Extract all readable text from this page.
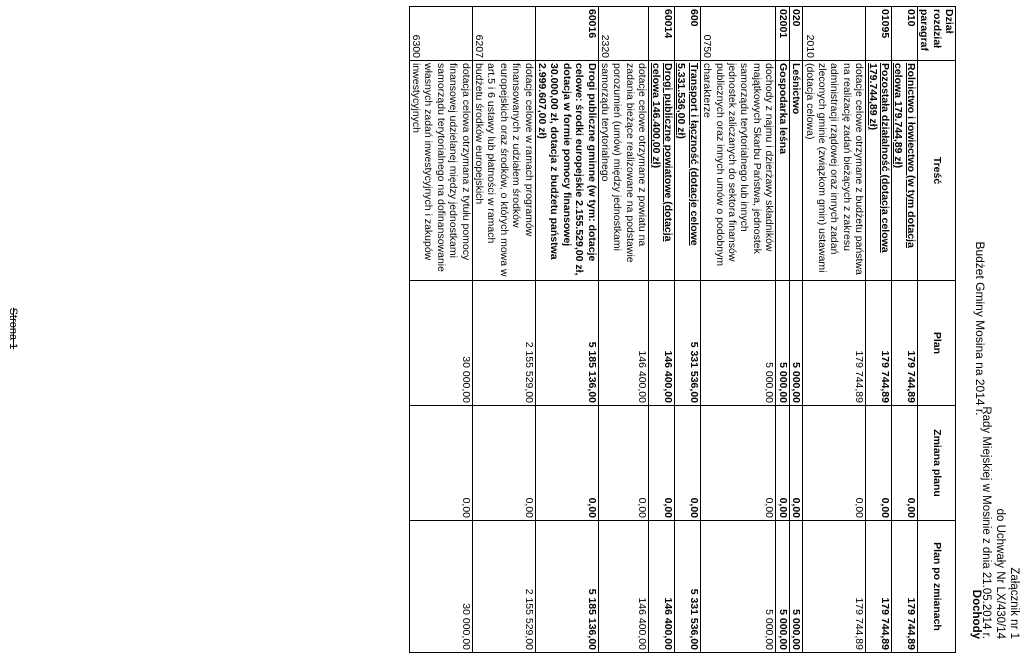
Załącznik nr 1
do Uchwały Nr LX/430/14
Rady Miejskiej w Mosinie z dnia 21.05.2014 r.
Budżet Gminy Mosina na 2014 r.
Dochody
Dział rozdział paragraf	Treść	Plan	Zmiana planu	Plan po zmianach
010	Rolnictwo i łowiectwo (w tym dotacja celowa 179.744,89 zł)	179 744,89	0,00	179 744,89
01095	Pozostała działalność (dotacja celowa 179.744,89 zł)	179 744,89	0,00	179 744,89
2010	dotacje celowe otrzymane z budżetu państwa na realizację zadań bieżących z zakresu administracji rządowej oraz innych zadań zleconych gminie (związkom gmin) ustawami (dotacja celowa)	179 744,89	0,00	179 744,89
020	Leśnictwo	5 000,00	0,00	5 000,00
02001	Gospodarka leśna	5 000,00	0,00	5 000,00
0750	dochody z najmu i dzierżawy składników majątkowych Skarbu Państwa, jednostek samorządu terytorialnego lub innych jednostek zaliczanych do sektora finansów publicznych oraz innych umów o podobnym charakterze	5 000,00	0,00	5 000,00
600	Transport i łączność (dotacje celowe 5.331.536,00 zł)	5 331 536,00	0,00	5 331 536,00
60014	Drogi publiczne powiatowe (dotacja celowa 146.400,00 zł)	146 400,00	0,00	146 400,00
2320	dotacje celowe otrzymane z powiatu na zadania bieżące realizowane na podstawie porozumień (umów) między jednostkami samorządu terytorialnego	146 400,00	0,00	146 400,00
60016	Drogi publiczne gminne (w tym: dotacje celowe: środki europejskie 2.155.529,00 zł, dotacja w formie pomocy finansowej 30.000,00 zł, dotacja z budżetu państwa 2.999.607,00 zł)	5 185 136,00	0,00	5 185 136,00
6207	dotacje celowe w ramach programów finansowanych z udziałem środków europejskich oraz środków, o których mowa w art.5 i 6 ustawy lub płatności w ramach budżetu środków europejskich	2 155 529,00	0,00	2 155 529,00
6300	dotacja celowa otrzymana z tytułu pomocy finansowej udzielanej między jednostkami samorządu terytorialnego na dofinansowanie własnych zadań inwestycyjnych i zakupów inwestycyjnych	30 000,00	0,00	30 000,00
Strona 1
